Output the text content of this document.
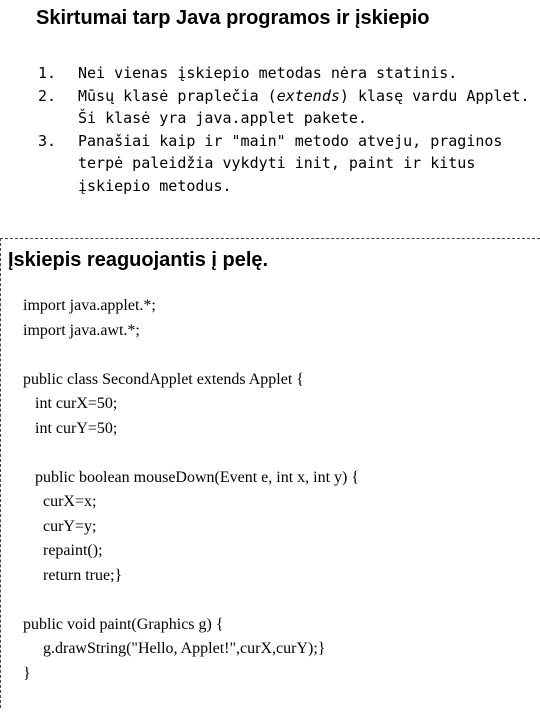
Skirtumai tarp Java programos ir įskiepio
1. Nei vienas įskiepio metodas nėra statinis.
2. Mūsų klasė praplečia (extends) klasę vardu Applet. Ši klasė yra java.applet pakete.
3. Panašiai kaip ir "main" metodo atveju, praginos terpė paleidžia vykdyti init, paint ir kitus įskiepio metodus.
Įskiepis reaguojantis į pelę.
import java.applet.*;
import java.awt.*;
public class SecondApplet extends Applet {
int curX=50;
int curY=50;
public boolean mouseDown(Event e, int x, int y) {
curX=x;
curY=y;
repaint();
return true;}
public void paint(Graphics g) {
g.drawString("Hello, Applet!",curX,curY);}
}
